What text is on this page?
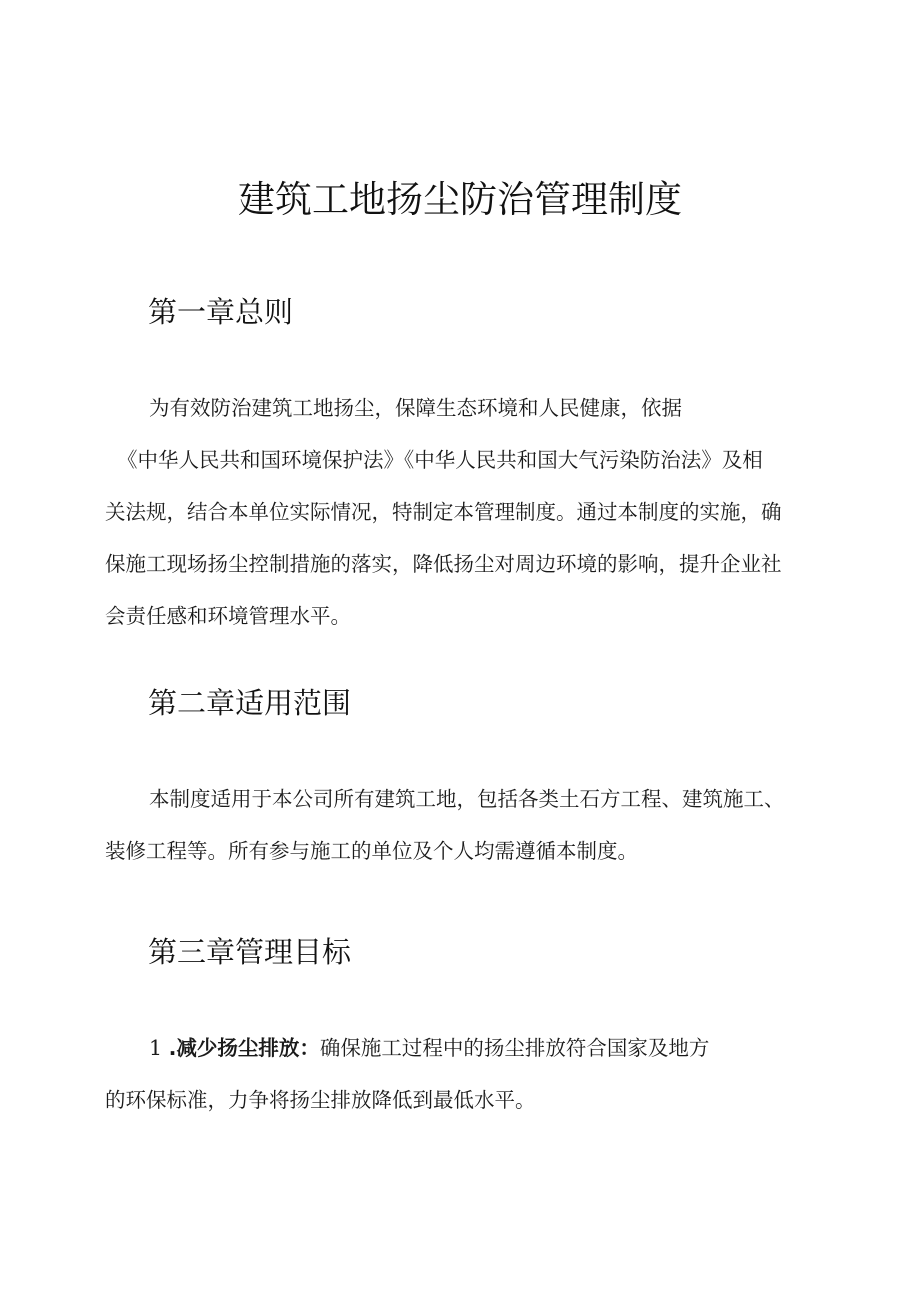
建筑工地扬尘防治管理制度
第一章总则
为有效防治建筑工地扬尘，保障生态环境和人民健康，依据
《中华人民共和国环境保护法》《中华人民共和国大气污染防治法》及相
关法规，结合本单位实际情况，特制定本管理制度。通过本制度的实施，确
保施工现场扬尘控制措施的落实，降低扬尘对周边环境的影响，提升企业社
会责任感和环境管理水平。
第二章适用范围
本制度适用于本公司所有建筑工地，包括各类土石方工程、建筑施工、
装修工程等。所有参与施工的单位及个人均需遵循本制度。
第三章管理目标
1 .减少扬尘排放：确保施工过程中的扬尘排放符合国家及地方
的环保标准，力争将扬尘排放降低到最低水平。
